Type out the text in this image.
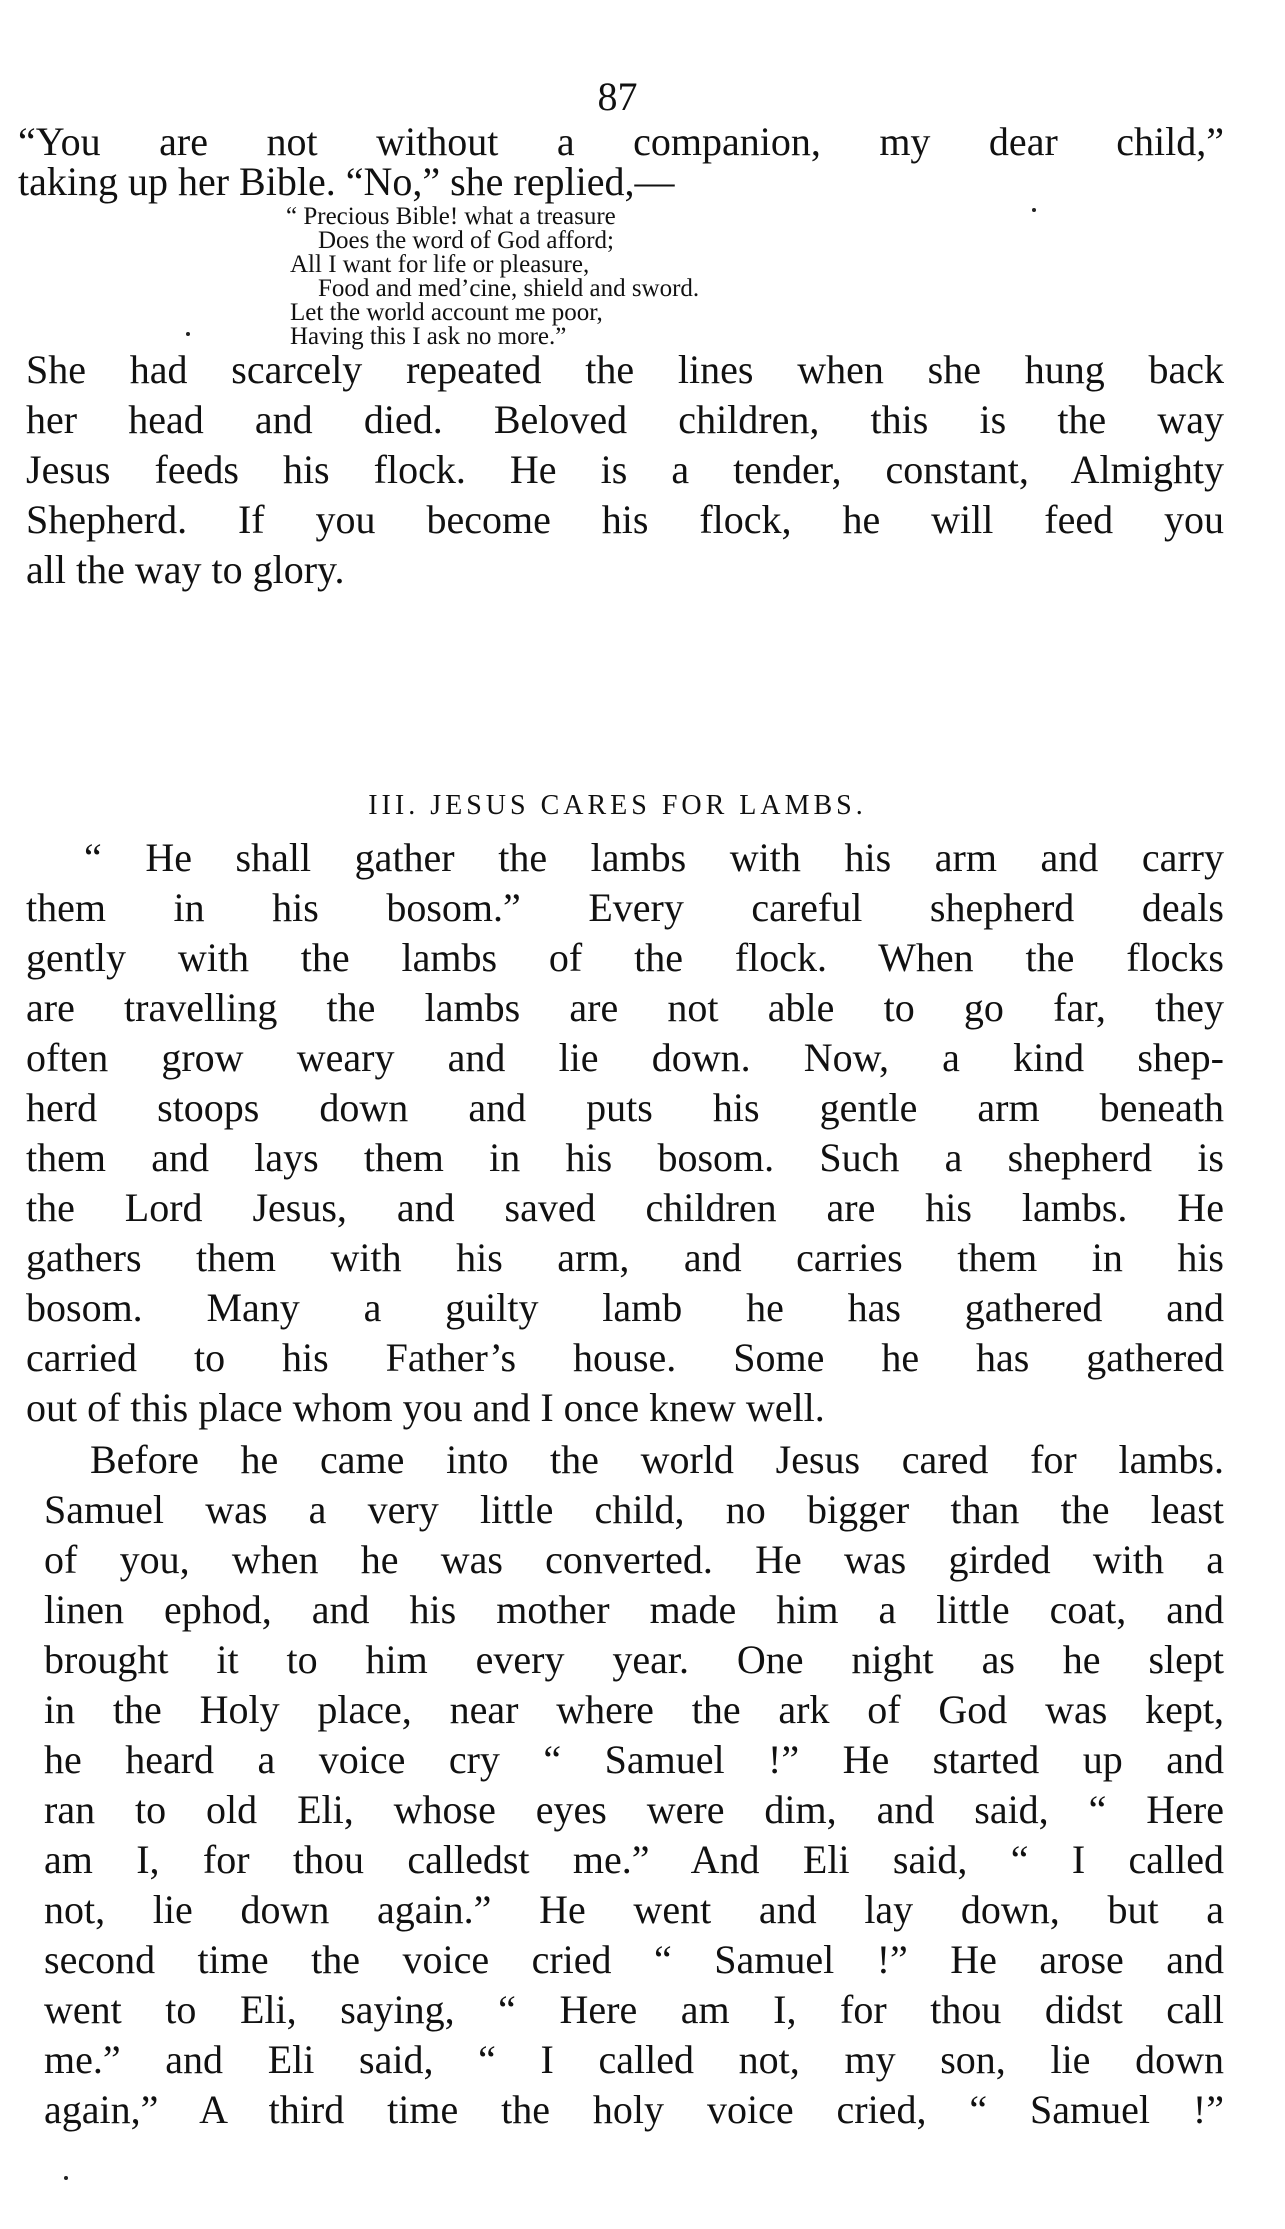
87
“You are not without a companion, my dear child,”
taking up her Bible. “No,” she replied,—
“ Precious Bible! what a treasure
Does the word of God afford;
All I want for life or pleasure,
Food and med’cine, shield and sword.
Let the world account me poor,
Having this I ask no more.”
She had scarcely repeated the lines when she hung back
her head and died. Beloved children, this is the way
Jesus feeds his flock. He is a tender, constant, Almighty
Shepherd. If you become his flock, he will feed you
all the way to glory.
III. JESUS CARES FOR LAMBS.
“ He shall gather the lambs with his arm and carry
them in his bosom.” Every careful shepherd deals
gently with the lambs of the flock. When the flocks
are travelling the lambs are not able to go far, they
often grow weary and lie down. Now, a kind shep-
herd stoops down and puts his gentle arm beneath
them and lays them in his bosom. Such a shepherd is
the Lord Jesus, and saved children are his lambs. He
gathers them with his arm, and carries them in his
bosom. Many a guilty lamb he has gathered and
carried to his Father’s house. Some he has gathered
out of this place whom you and I once knew well.
Before he came into the world Jesus cared for lambs.
Samuel was a very little child, no bigger than the least
of you, when he was converted. He was girded with a
linen ephod, and his mother made him a little coat, and
brought it to him every year. One night as he slept
in the Holy place, near where the ark of God was kept,
he heard a voice cry “ Samuel !” He started up and
ran to old Eli, whose eyes were dim, and said, “ Here
am I, for thou calledst me.” And Eli said, “ I called
not, lie down again.” He went and lay down, but a
second time the voice cried “ Samuel !” He arose and
went to Eli, saying, “ Here am I, for thou didst call
me.” and Eli said, “ I called not, my son, lie down
again,” A third time the holy voice cried, “ Samuel !”
